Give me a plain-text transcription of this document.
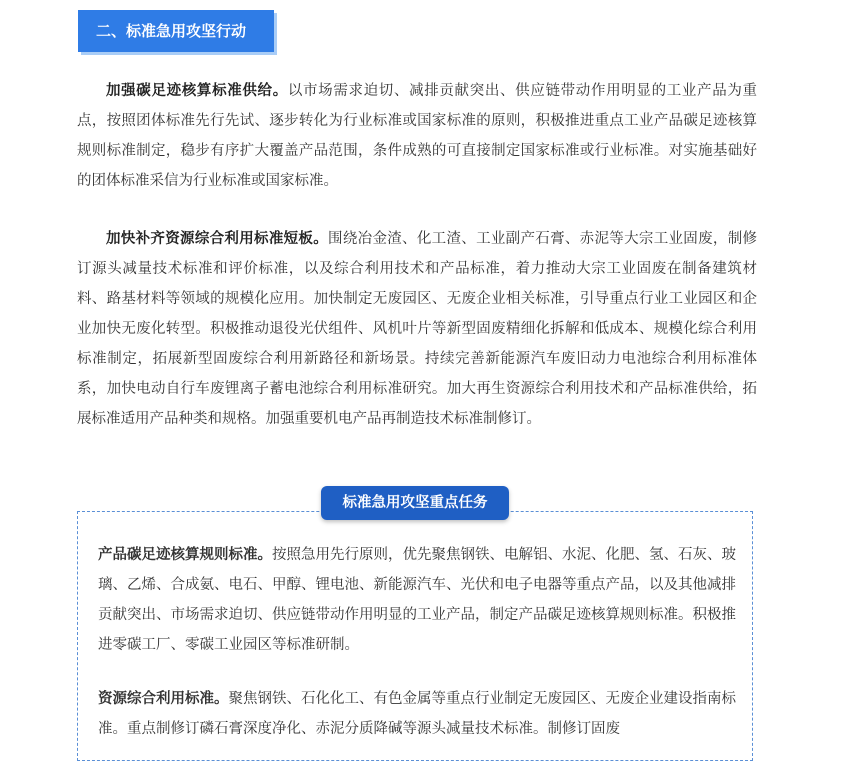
二、标准急用攻坚行动

加强碳足迹核算标准供给。以市场需求迫切、减排贡献突出、供应链带动作用明显的工业产品为重点，按照团体标准先行先试、逐步转化为行业标准或国家标准的原则，积极推进重点工业产品碳足迹核算规则标准制定，稳步有序扩大覆盖产品范围，条件成熟的可直接制定国家标准或行业标准。对实施基础好的团体标准采信为行业标准或国家标准。

加快补齐资源综合利用标准短板。围绕冶金渣、化工渣、工业副产石膏、赤泥等大宗工业固废，制修订源头减量技术标准和评价标准，以及综合利用技术和产品标准，着力推动大宗工业固废在制备建筑材料、路基材料等领域的规模化应用。加快制定无废园区、无废企业相关标准，引导重点行业工业园区和企业加快无废化转型。积极推动退役光伏组件、风机叶片等新型固废精细化拆解和低成本、规模化综合利用标准制定，拓展新型固废综合利用新路径和新场景。持续完善新能源汽车废旧动力电池综合利用标准体系，加快电动自行车废锂离子蓄电池综合利用标准研究。加大再生资源综合利用技术和产品标准供给，拓展标准适用产品种类和规格。加强重要机电产品再制造技术标准制修订。

标准急用攻坚重点任务

产品碳足迹核算规则标准。按照急用先行原则，优先聚焦钢铁、电解铝、水泥、化肥、氢、石灰、玻璃、乙烯、合成氨、电石、甲醇、锂电池、新能源汽车、光伏和电子电器等重点产品，以及其他减排贡献突出、市场需求迫切、供应链带动作用明显的工业产品，制定产品碳足迹核算规则标准。积极推进零碳工厂、零碳工业园区等标准研制。

资源综合利用标准。聚焦钢铁、石化化工、有色金属等重点行业制定无废园区、无废企业建设指南标准。重点制修订磷石膏深度净化、赤泥分质降碱等源头减量技术标准。制修订固废
